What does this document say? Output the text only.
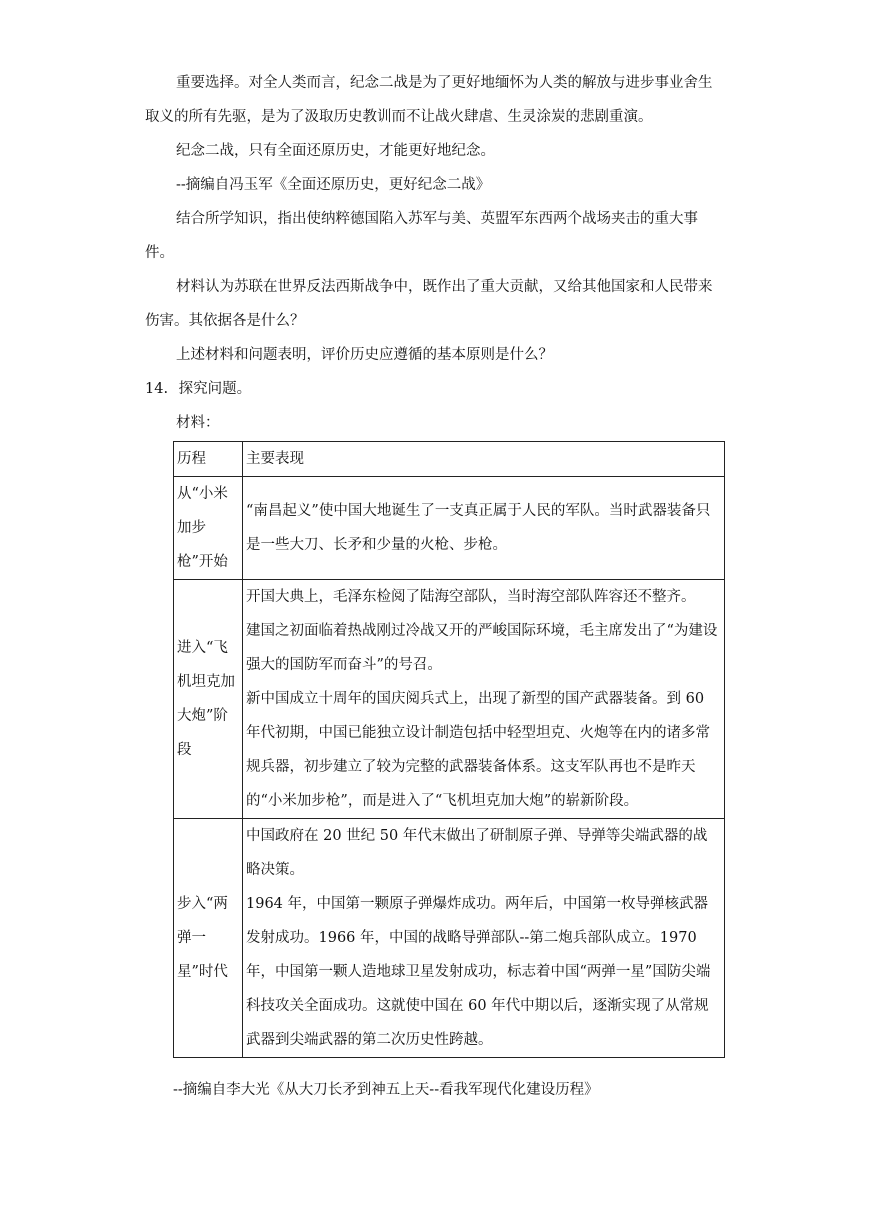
重要选择。对全人类而言，纪念二战是为了更好地缅怀为人类的解放与进步事业舍生取义的所有先驱，是为了汲取历史教训而不让战火肆虐、生灵涂炭的悲剧重演。

纪念二战，只有全面还原历史，才能更好地纪念。

--摘编自冯玉军《全面还原历史，更好纪念二战》

结合所学知识，指出使纳粹德国陷入苏军与美、英盟军东西两个战场夹击的重大事件。

材料认为苏联在世界反法西斯战争中，既作出了重大贡献，又给其他国家和人民带来伤害。其依据各是什么？

上述材料和问题表明，评价历史应遵循的基本原则是什么？

14. 探究问题。

材料：

历程	主要表现
从“小米加步枪”开始	“南昌起义”使中国大地诞生了一支真正属于人民的军队。当时武器装备只是一些大刀、长矛和少量的火枪、步枪。

进入“飞机坦克加大炮”阶段	开国大典上，毛泽东检阅了陆海空部队，当时海空部队阵容还不整齐。
建国之初面临着热战刚过冷战又开的严峻国际环境，毛主席发出了“为建设强大的国防军而奋斗”的号召。
新中国成立十周年的国庆阅兵式上，出现了新型的国产武器装备。到 60 年代初期，中国已能独立设计制造包括中轻型坦克、火炮等在内的诸多常规兵器，初步建立了较为完整的武器装备体系。这支军队再也不是昨天的“小米加步枪”，而是进入了“飞机坦克加大炮”的崭新阶段。

步入“两弹一星”时代	中国政府在 20 世纪 50 年代末做出了研制原子弹、导弹等尖端武器的战略决策。
1964 年，中国第一颗原子弹爆炸成功。两年后，中国第一枚导弹核武器发射成功。1966 年，中国的战略导弹部队--第二炮兵部队成立。1970 年，中国第一颗人造地球卫星发射成功，标志着中国“两弹一星”国防尖端科技攻关全面成功。这就使中国在 60 年代中期以后，逐渐实现了从常规武器到尖端武器的第二次历史性跨越。
--摘编自李大光《从大刀长矛到神五上天--看我军现代化建设历程》
